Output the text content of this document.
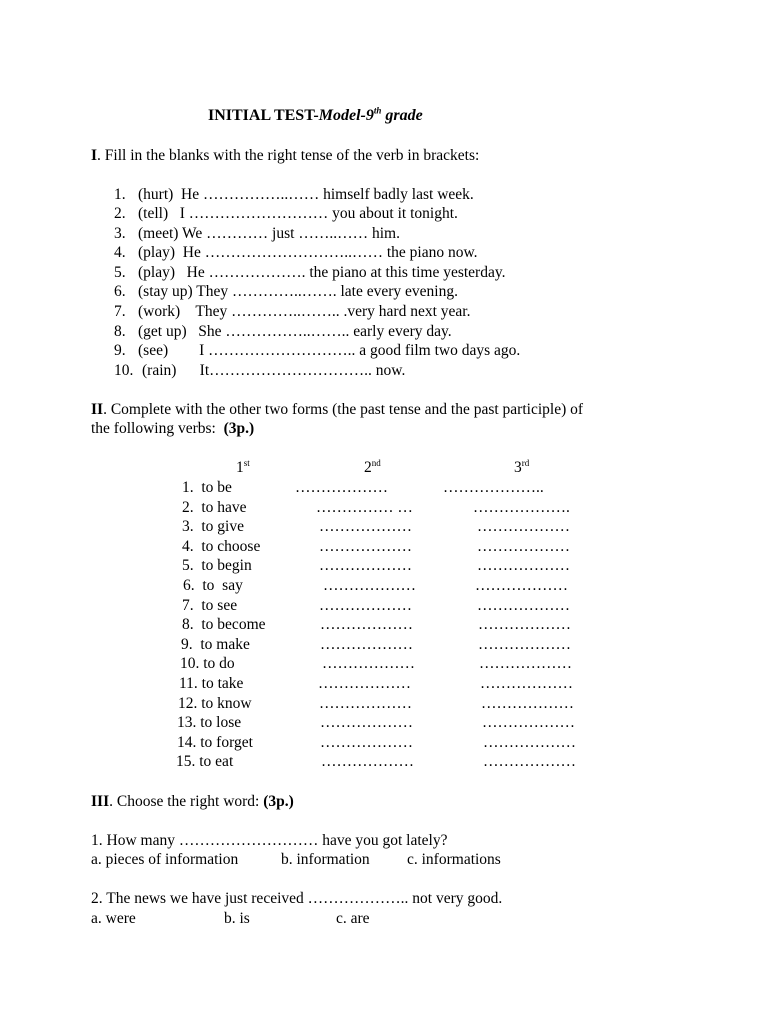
INITIAL TEST-Model-9th grade
I. Fill in the blanks with the right tense of the verb in brackets:
1. (hurt)  He ……………..…… himself badly last week.
2. (tell)   I ……………………… you about it tonight.
3. (meet) We ………… just ……..…… him.
4. (play)  He ………………………..…… the piano now.
5. (play)   He ………………. the piano at this time yesterday.
6. (stay up) They …………..……. late every evening.
7. (work)    They …………..…….. .very hard next year.
8. (get up)   She ……………..…….. early every day.
9. (see)        I ……………………….. a good film two days ago.
10. (rain)      It………………………….. now.
II. Complete with the other two forms (the past tense and the past participle) of
the following verbs:  (3p.)
1st	2nd	3rd
1.  to be	………………	………………..
2.  to have	…………… …	……………….
3.  to give	………………	………………
4.  to choose	………………	………………
5.  to begin	………………	………………
6.  to  say	………………	………………
7.  to see	………………	………………
8.  to become	………………	………………
9.  to make	………………	………………
10. to do	………………	………………
11. to take	………………	………………
12. to know	………………	………………
13. to lose	………………	………………
14. to forget	………………	………………
15. to eat	………………	………………
III. Choose the right word: (3p.)
1. How many ……………………… have you got lately?
a. pieces of information	b. information c. informations
2. The news we have just received ……………….. not very good.
a. were	b. is	c. are
